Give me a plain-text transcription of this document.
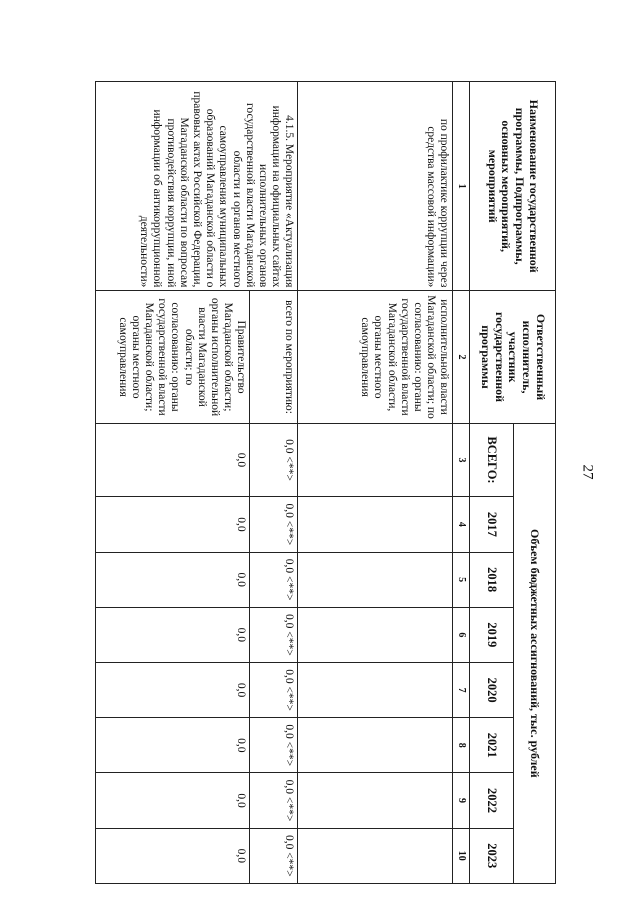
27
Наименование государственной программы, Подпрограммы, основных мероприятий, мероприятий	Ответственный исполнитель, участник государственной программы	Объем бюджетных ассигнований, тыс. рублей							
		ВСЕГО:	2017	2018	2019	2020	2021	2022	2023
1	2	3	4	5	6	7	8	9	10
по профилактике коррупции через средства массовой информации»	исполнительной власти Магаданской области; по согласованию: органы государственной власти Магаданской области, органы местного самоуправления								
4.1.5. Мероприятие «Актуализация информации на официальных сайтах исполнительных органов государственной власти Магаданской области и органов местного самоуправления муниципальных образований Магаданской области о правовых актах Российской Федерации, Магаданской области по вопросам противодействия коррупции, иной информации об антикоррупционной деятельности»	всего по мероприятию:	0,0 <**>	0,0 <**>	0,0 <**>	0,0 <**>	0,0 <**>	0,0 <**>	0,0 <**>	0,0 <**>
	Правительство Магаданской области; органы исполнительной власти Магаданской области; по согласованию: органы государственной власти Магаданской области; органы местного самоуправления	0,0	0,0	0,0	0,0	0,0	0,0	0,0	0,0
